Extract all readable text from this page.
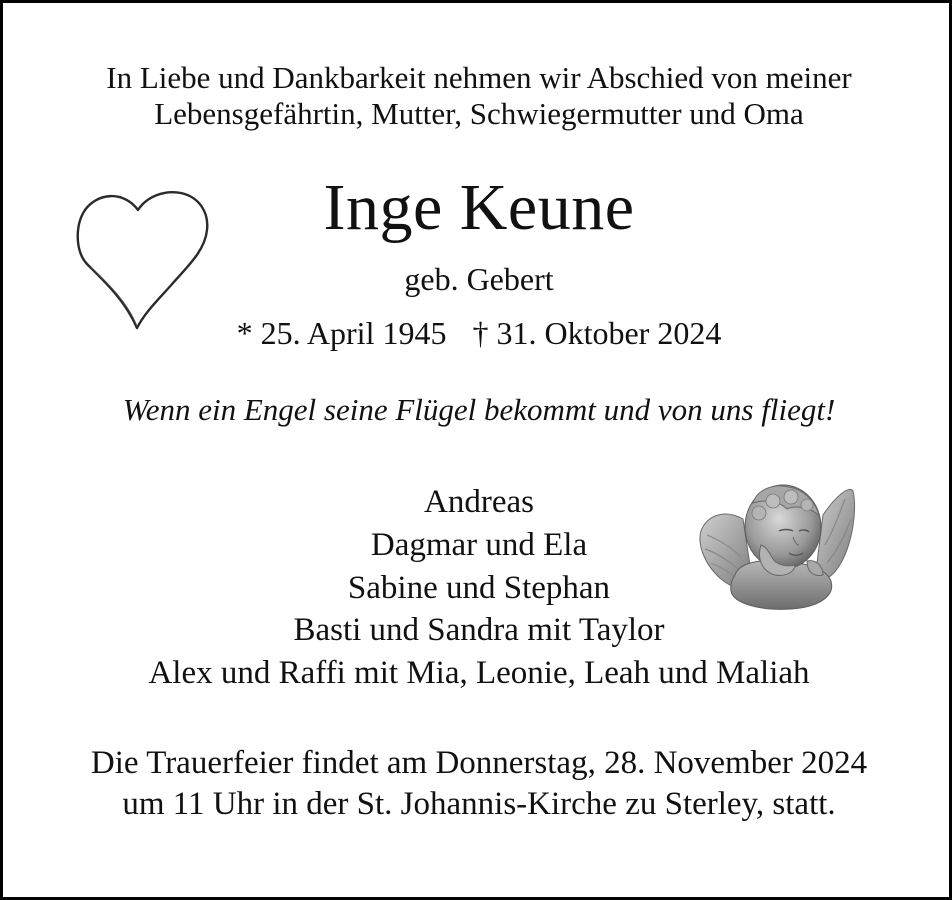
In Liebe und Dankbarkeit nehmen wir Abschied von meiner
Lebensgefährtin, Mutter, Schwiegermutter und Oma
Inge Keune
geb. Gebert
* 25. April 1945 † 31. Oktober 2024
Wenn ein Engel seine Flügel bekommt und von uns fliegt!
Andreas
Dagmar und Ela
Sabine und Stephan
Basti und Sandra mit Taylor
Alex und Raffi mit Mia, Leonie, Leah und Maliah
Die Trauerfeier findet am Donnerstag, 28. November 2024
um 11 Uhr in der St. Johannis-Kirche zu Sterley, statt.
